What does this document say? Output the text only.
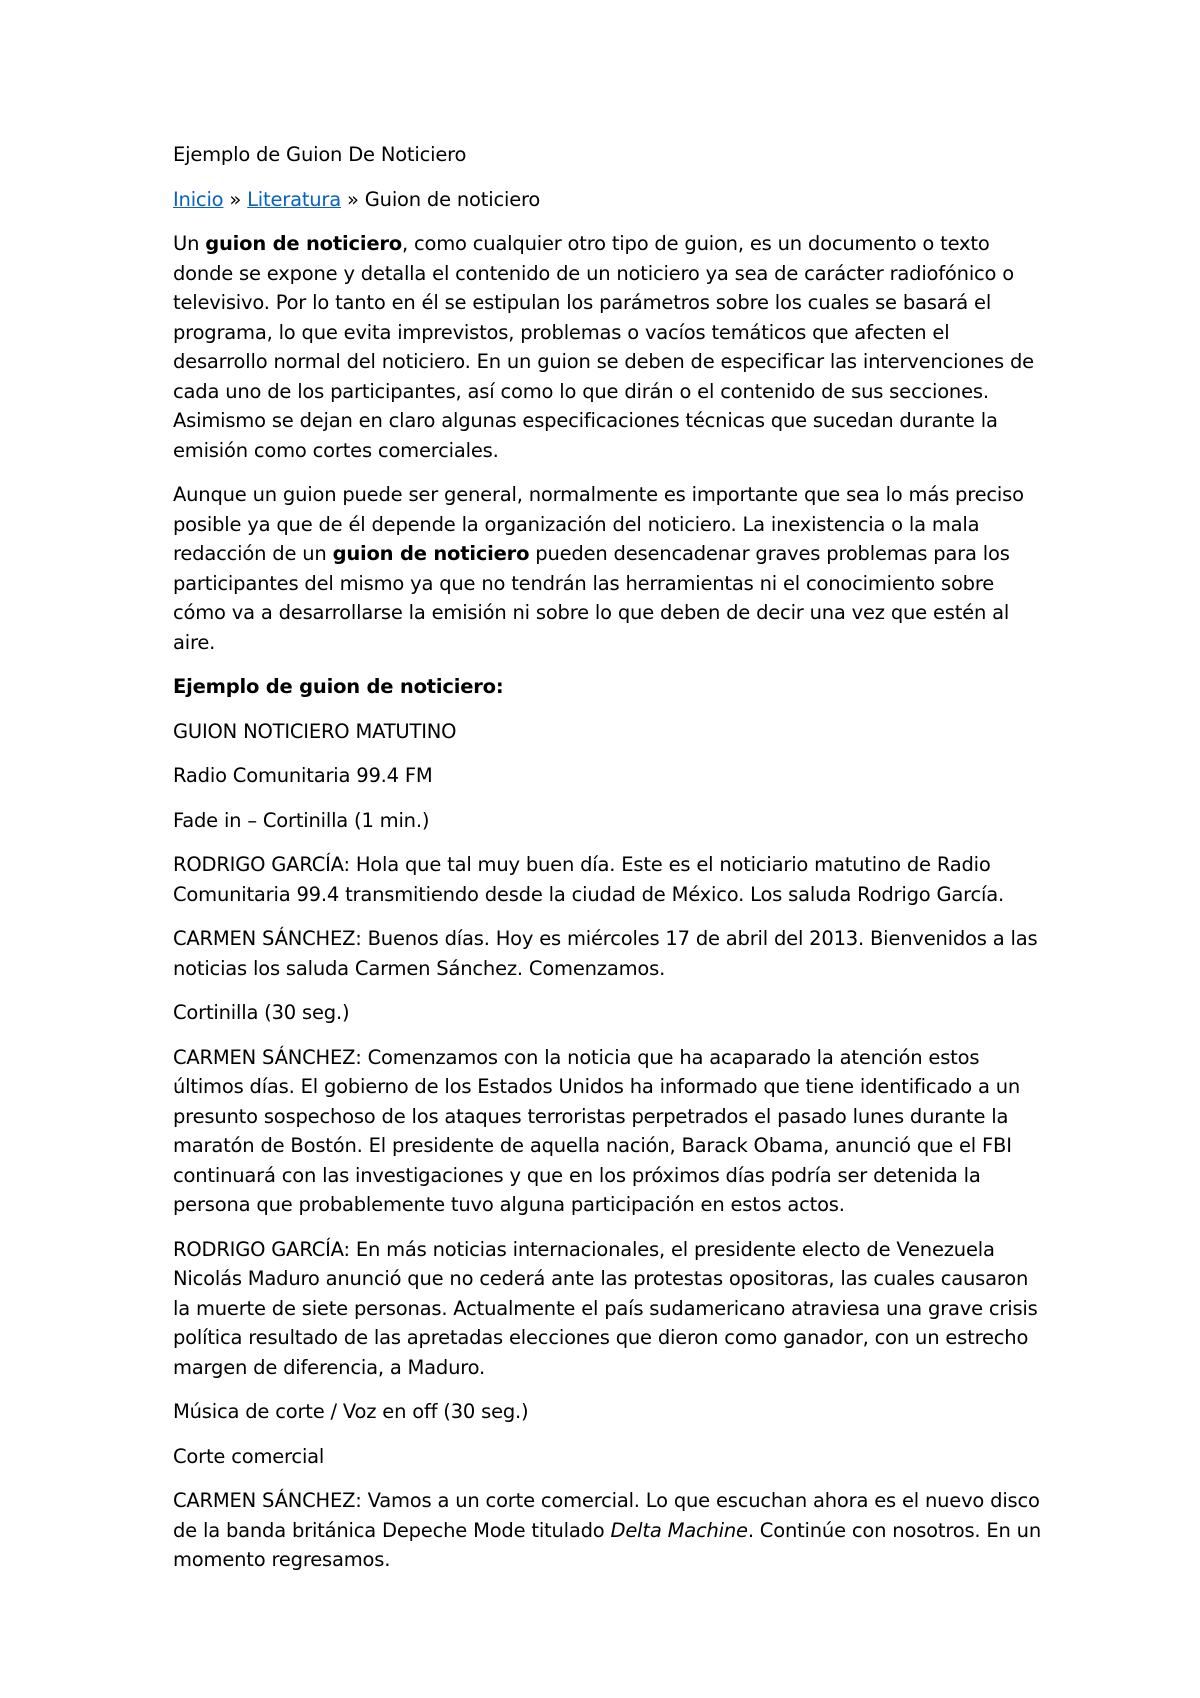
Ejemplo de Guion De Noticiero

Inicio » Literatura » Guion de noticiero

Un guion de noticiero, como cualquier otro tipo de guion, es un documento o texto donde se expone y detalla el contenido de un noticiero ya sea de carácter radiofónico o televisivo. Por lo tanto en él se estipulan los parámetros sobre los cuales se basará el programa, lo que evita imprevistos, problemas o vacíos temáticos que afecten el desarrollo normal del noticiero. En un guion se deben de especificar las intervenciones de cada uno de los participantes, así como lo que dirán o el contenido de sus secciones. Asimismo se dejan en claro algunas especificaciones técnicas que sucedan durante la emisión como cortes comerciales.

Aunque un guion puede ser general, normalmente es importante que sea lo más preciso posible ya que de él depende la organización del noticiero. La inexistencia o la mala redacción de un guion de noticiero pueden desencadenar graves problemas para los participantes del mismo ya que no tendrán las herramientas ni el conocimiento sobre cómo va a desarrollarse la emisión ni sobre lo que deben de decir una vez que estén al aire.

Ejemplo de guion de noticiero:

GUION NOTICIERO MATUTINO

Radio Comunitaria 99.4 FM

Fade in – Cortinilla (1 min.)

RODRIGO GARCÍA: Hola que tal muy buen día. Este es el noticiario matutino de Radio Comunitaria 99.4 transmitiendo desde la ciudad de México. Los saluda Rodrigo García.

CARMEN SÁNCHEZ: Buenos días. Hoy es miércoles 17 de abril del 2013. Bienvenidos a las noticias los saluda Carmen Sánchez. Comenzamos.

Cortinilla (30 seg.)

CARMEN SÁNCHEZ: Comenzamos con la noticia que ha acaparado la atención estos últimos días. El gobierno de los Estados Unidos ha informado que tiene identificado a un presunto sospechoso de los ataques terroristas perpetrados el pasado lunes durante la maratón de Bostón. El presidente de aquella nación, Barack Obama, anunció que el FBI continuará con las investigaciones y que en los próximos días podría ser detenida la persona que probablemente tuvo alguna participación en estos actos.

RODRIGO GARCÍA: En más noticias internacionales, el presidente electo de Venezuela Nicolás Maduro anunció que no cederá ante las protestas opositoras, las cuales causaron la muerte de siete personas. Actualmente el país sudamericano atraviesa una grave crisis política resultado de las apretadas elecciones que dieron como ganador, con un estrecho margen de diferencia, a Maduro.

Música de corte / Voz en off (30 seg.)

Corte comercial

CARMEN SÁNCHEZ: Vamos a un corte comercial. Lo que escuchan ahora es el nuevo disco de la banda británica Depeche Mode titulado Delta Machine. Continúe con nosotros. En un momento regresamos.
